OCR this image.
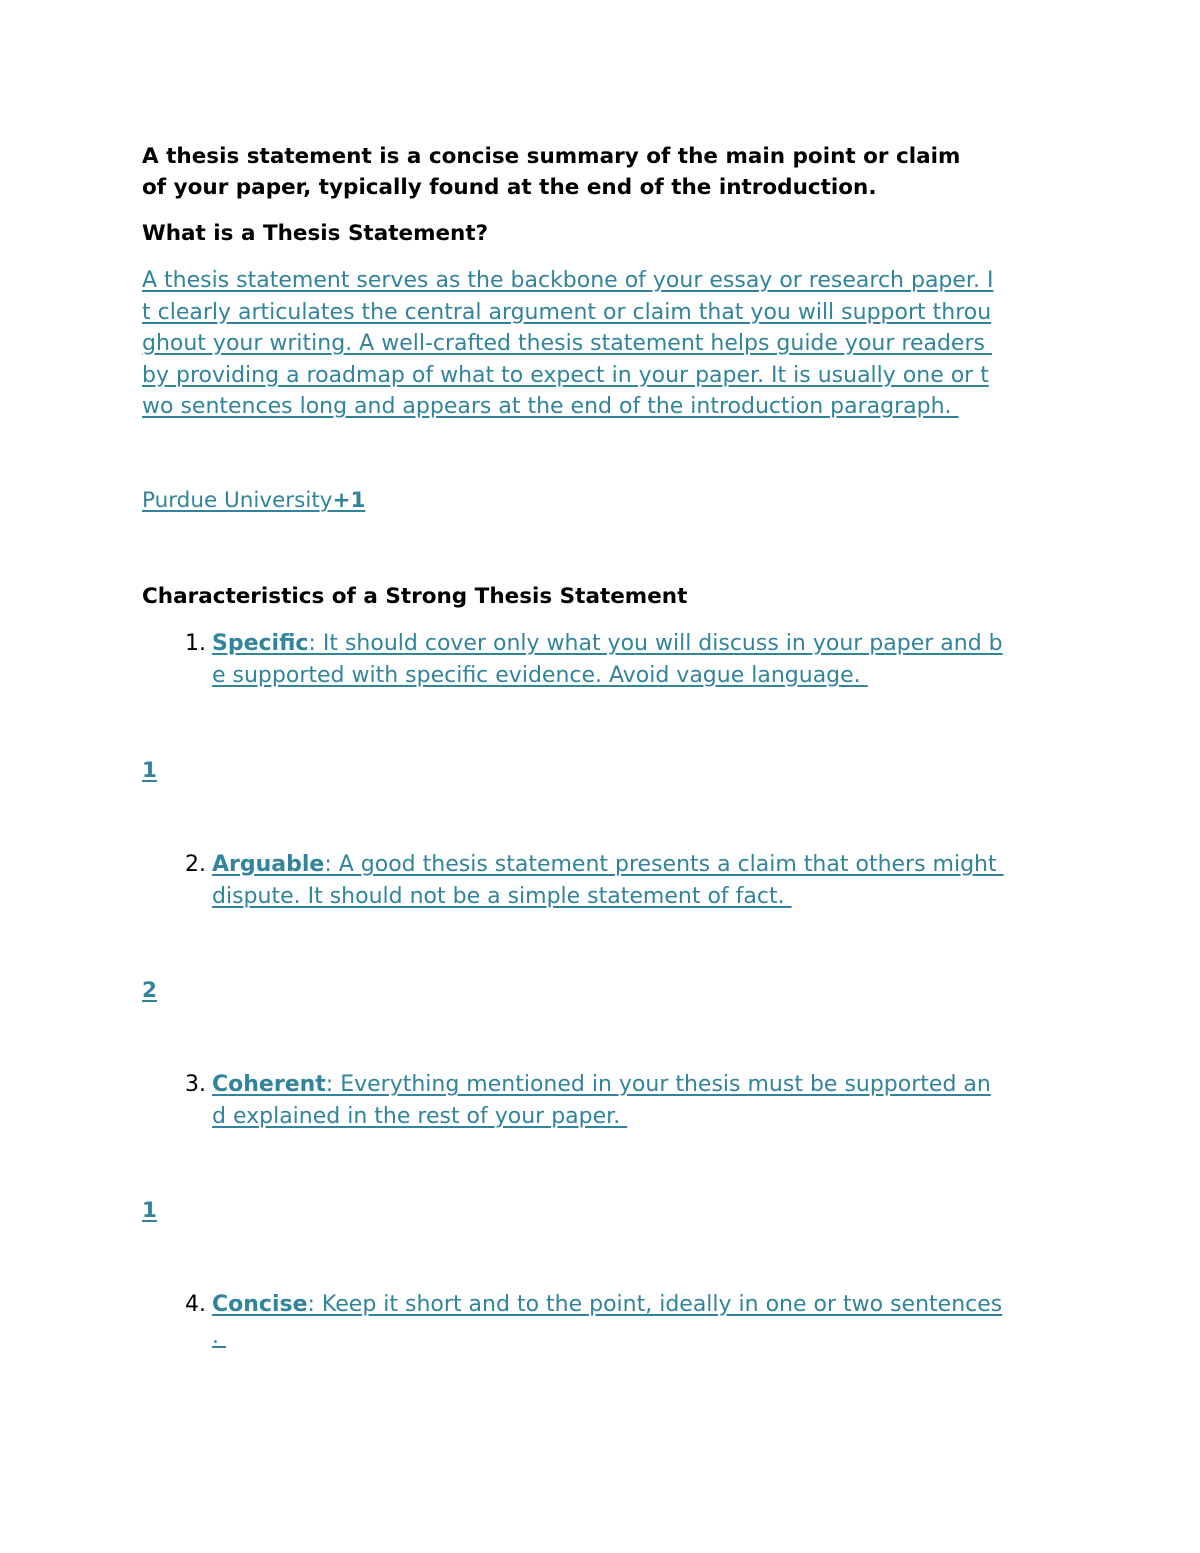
A thesis statement is a concise summary of the main point or claim
of your paper, typically found at the end of the introduction.
What is a Thesis Statement?
A thesis statement serves as the backbone of your essay or research paper. I
t clearly articulates the central argument or claim that you will support throu
ghout your writing. A well-crafted thesis statement helps guide your readers
by providing a roadmap of what to expect in your paper. It is usually one or t
wo sentences long and appears at the end of the introduction paragraph.
Purdue University+1
Characteristics of a Strong Thesis Statement
1. Specific: It should cover only what you will discuss in your paper and b
e supported with specific evidence. Avoid vague language.
1
2. Arguable: A good thesis statement presents a claim that others might
dispute. It should not be a simple statement of fact.
2
3. Coherent: Everything mentioned in your thesis must be supported an
d explained in the rest of your paper.
1
4. Concise: Keep it short and to the point, ideally in one or two sentences
.
